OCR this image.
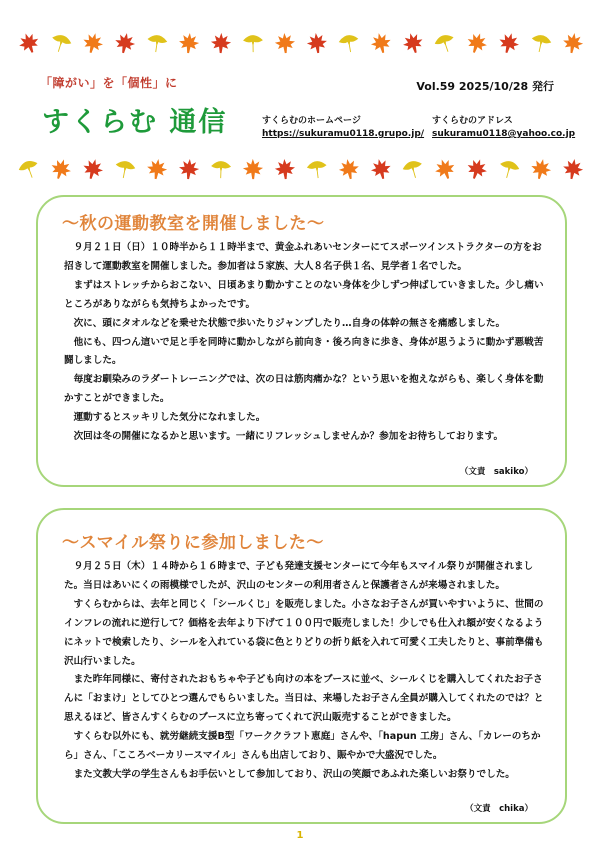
「障がい」を「個性」に
すくらむ 通信
Vol.59 2025/10/28 発行
すくらむのホームページ
https://sukuramu0118.grupo.jp/
すくらむのアドレス
sukuramu0118@yahoo.co.jp
～秋の運動教室を開催しました～

９月２１日（日）１０時半から１１時半まで、黄金ふれあいセンターにてスポーツインストラクターの方をお招きして運動教室を開催しました。参加者は５家族、大人８名子供１名、見学者１名でした。

まずはストレッチからおこない、日頃あまり動かすことのない身体を少しずつ伸ばしていきました。少し痛いところがありながらも気持ちよかったです。

次に、頭にタオルなどを乗せた状態で歩いたりジャンプしたり…自身の体幹の無さを痛感しました。

他にも、四つん這いで足と手を同時に動かしながら前向き・後ろ向きに歩き、身体が思うように動かず悪戦苦闘しました。

毎度お馴染みのラダートレーニングでは、次の日は筋肉痛かな？という思いを抱えながらも、楽しく身体を動かすことができました。

運動するとスッキリした気分になれました。

次回は冬の開催になるかと思います。一緒にリフレッシュしませんか？参加をお待ちしております。

（文責　sakiko）
～スマイル祭りに参加しました～

９月２５日（木）１４時から１６時まで、子ども発達支援センターにて今年もスマイル祭りが開催されました。当日はあいにくの雨模様でしたが、沢山のセンターの利用者さんと保護者さんが来場されました。

すくらむからは、去年と同じく「シールくじ」を販売しました。小さなお子さんが買いやすいように、世間のインフレの流れに逆行して？価格を去年より下げて１００円で販売しました！少しでも仕入れ額が安くなるようにネットで検索したり、シールを入れている袋に色とりどりの折り紙を入れて可愛く工夫したりと、事前準備も沢山行いました。

また昨年同様に、寄付されたおもちゃや子ども向けの本をブースに並べ、シールくじを購入してくれたお子さんに「おまけ」としてひとつ選んでもらいました。当日は、来場したお子さん全員が購入してくれたのでは？と思えるほど、皆さんすくらむのブースに立ち寄ってくれて沢山販売することができました。

すくらむ以外にも、就労継続支援B型「ワーククラフト恵庭」さんや、「hapun 工房」さん、「カレーのちから」さん、「こころベーカリースマイル」さんも出店しており、賑やかで大盛況でした。

また文教大学の学生さんもお手伝いとして参加しており、沢山の笑顔であふれた楽しいお祭りでした。

（文責　chika）
1
